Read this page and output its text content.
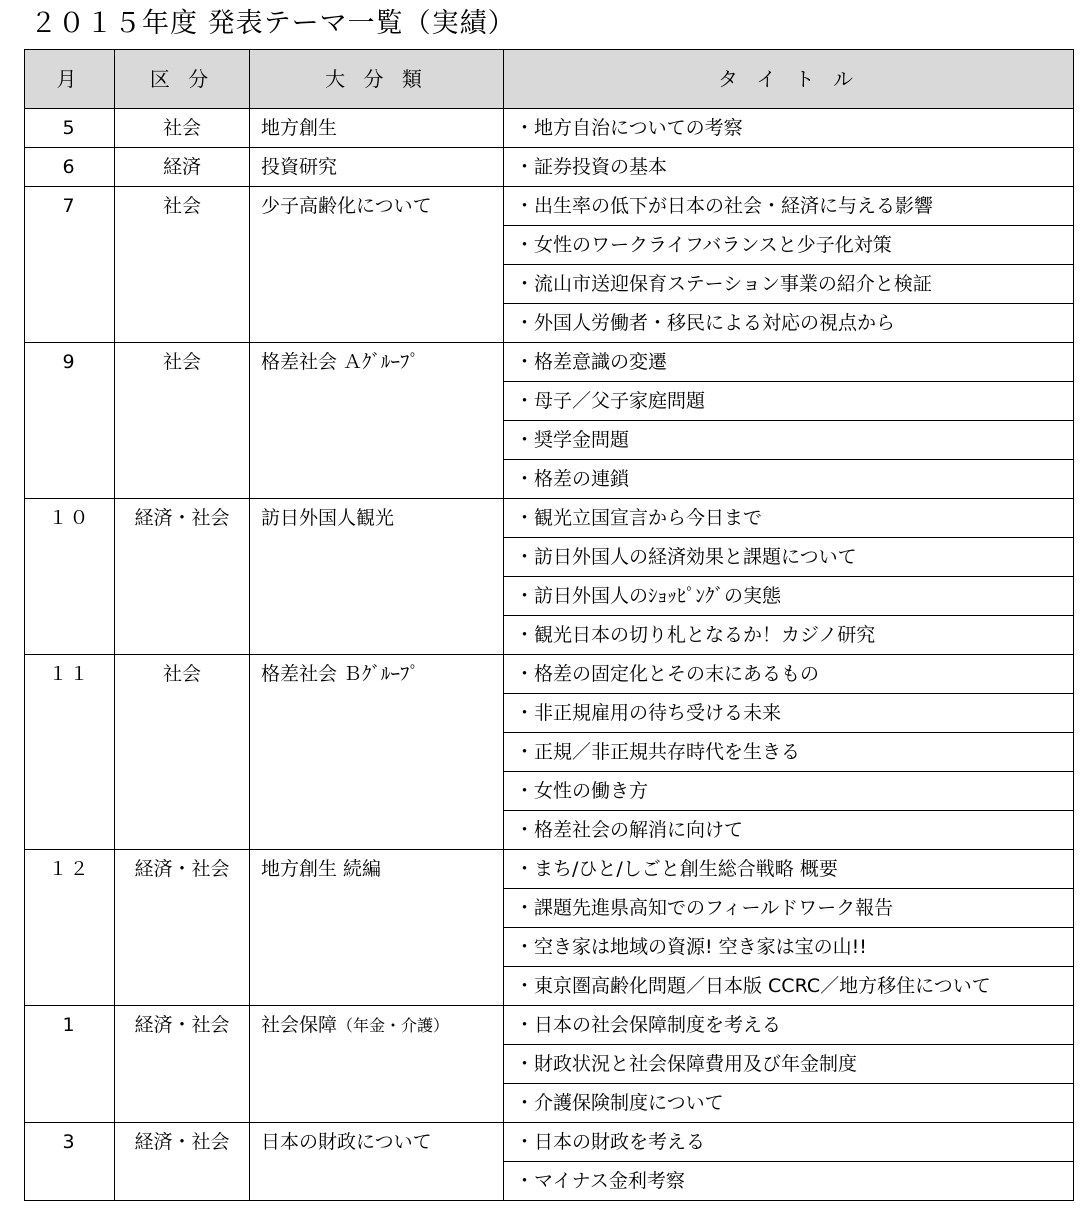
２０１５年度 発表テーマ一覧（実績）
月	区 分	大 分 類	タ イ ト ル
5	社会	地方創生	・地方自治についての考察
6	経済	投資研究	・証券投資の基本
7	社会	少子高齢化について	・出生率の低下が日本の社会・経済に与える影響
			・女性のワークライフバランスと少子化対策
			・流山市送迎保育ステーション事業の紹介と検証
			・外国人労働者・移民による対応の視点から
9	社会	格差社会 Ａｸﾞﾙｰﾌﾟ	・格差意識の変遷
			・母子／父子家庭問題
			・奨学金問題
			・格差の連鎖
１０	経済・社会	訪日外国人観光	・観光立国宣言から今日まで
			・訪日外国人の経済効果と課題について
			・訪日外国人のｼｮｯﾋﾟﾝｸﾞの実態
			・観光日本の切り札となるか！カジノ研究
１１	社会	格差社会 Ｂｸﾞﾙｰﾌﾟ	・格差の固定化とその末にあるもの
			・非正規雇用の待ち受ける未来
			・正規／非正規共存時代を生きる
			・女性の働き方
			・格差社会の解消に向けて
１２	経済・社会	地方創生 続編	・まち/ひと/しごと創生総合戦略 概要
			・課題先進県高知でのフィールドワーク報告
			・空き家は地域の資源! 空き家は宝の山!!
			・東京圏高齢化問題／日本版 CCRC／地方移住について
1	経済・社会	社会保障（年金・介護）	・日本の社会保障制度を考える
			・財政状況と社会保障費用及び年金制度
			・介護保険制度について
3	経済・社会	日本の財政について	・日本の財政を考える
			・マイナス金利考察
